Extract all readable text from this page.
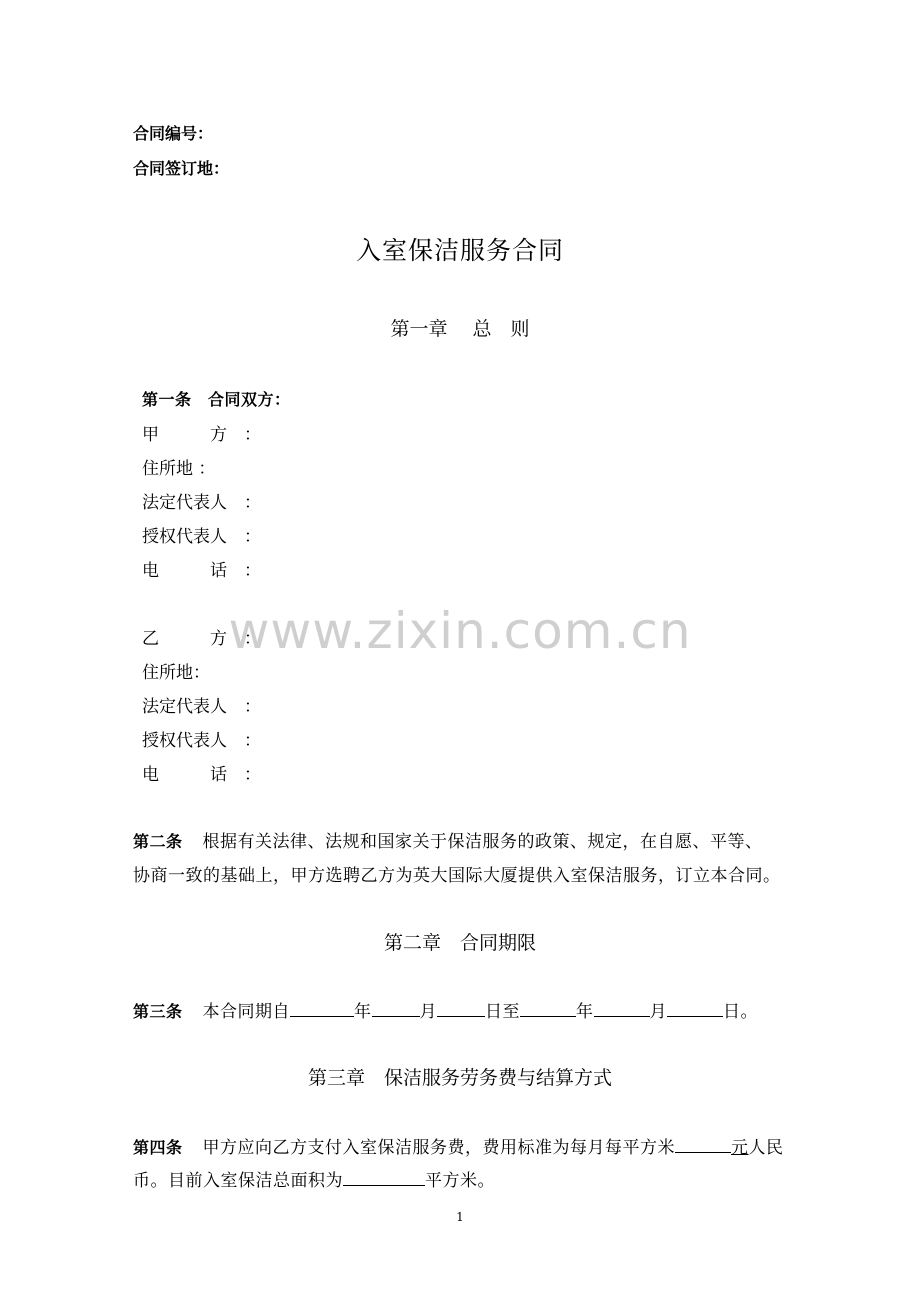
合同编号：
合同签订地：
入室保洁服务合同
第一章　 总　则
第一条　合同双方：
甲　　　方　：
住所地 ：
法定代表人　：
授权代表人　：
电　　　话　：
乙　　　方　：
住所地：
法定代表人　：
授权代表人　：
电　　　话　：
第二条 根据有关法律、法规和国家关于保洁服务的政策、规定，在自愿、平等、
协商一致的基础上，甲方选聘乙方为英大国际大厦提供入室保洁服务，订立本合同。
第二章　合同期限
第三条 本合同期自	年	月	日至	年	月	日。
第三章　保洁服务劳务费与结算方式
第四条 甲方应向乙方支付入室保洁服务费，费用标准为每月每平方米	元人民
币。目前入室保洁总面积为	平方米。
www.zixin.com.cn
1
